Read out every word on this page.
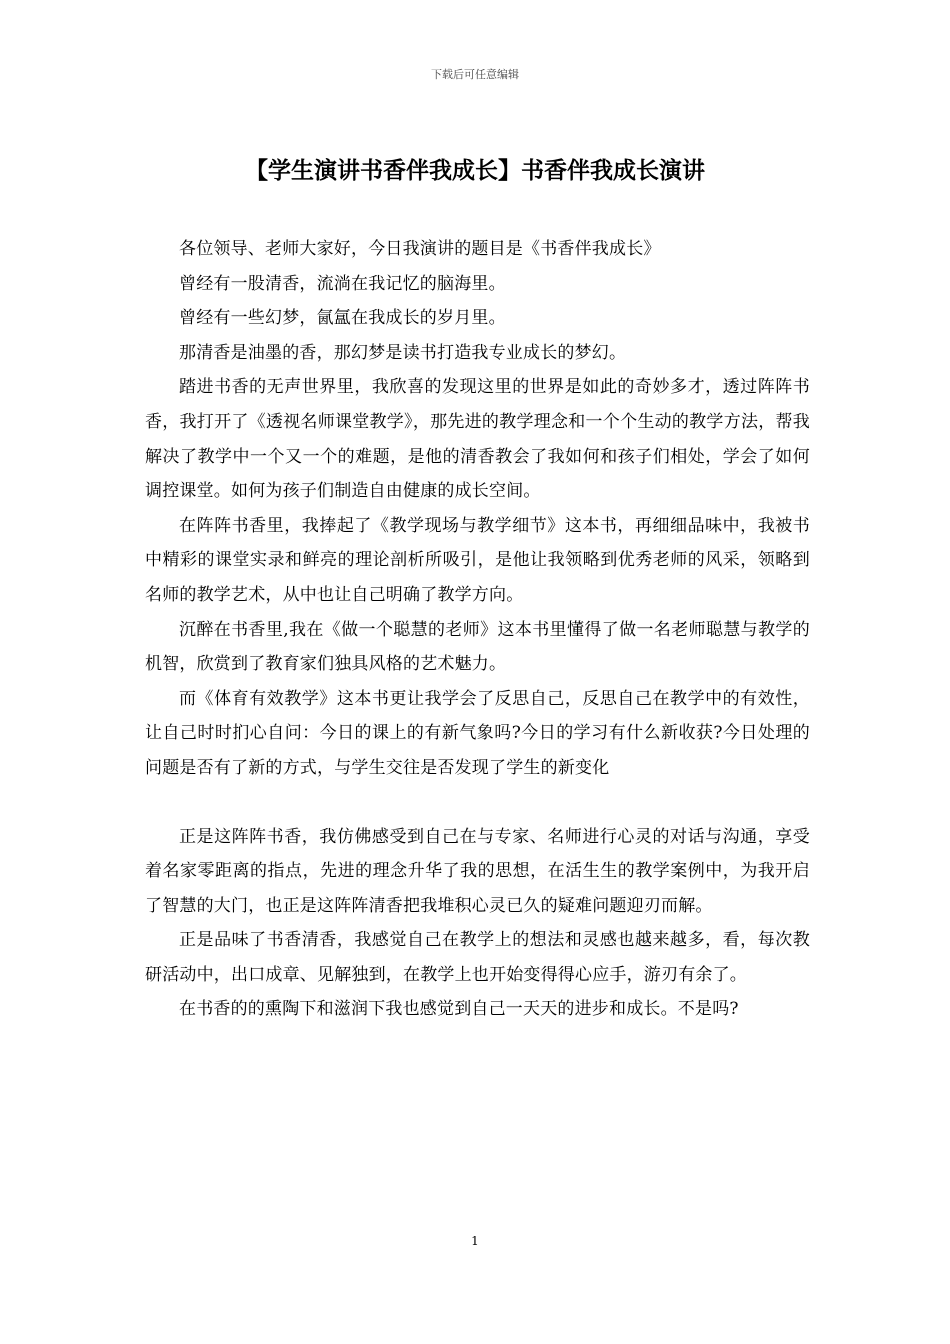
下载后可任意编辑
【学生演讲书香伴我成长】书香伴我成长演讲

各位领导、老师大家好，今日我演讲的题目是《书香伴我成长》

曾经有一股清香，流淌在我记忆的脑海里。

曾经有一些幻梦，氤氲在我成长的岁月里。

那清香是油墨的香，那幻梦是读书打造我专业成长的梦幻。

踏进书香的无声世界里，我欣喜的发现这里的世界是如此的奇妙多才，透过阵阵书香，我打开了《透视名师课堂教学》，那先进的教学理念和一个个生动的教学方法，帮我解决了教学中一个又一个的难题，是他的清香教会了我如何和孩子们相处，学会了如何调控课堂。如何为孩子们制造自由健康的成长空间。

在阵阵书香里，我捧起了《教学现场与教学细节》这本书，再细细品味中，我被书中精彩的课堂实录和鲜亮的理论剖析所吸引，是他让我领略到优秀老师的风采，领略到名师的教学艺术，从中也让自己明确了教学方向。

沉醉在书香里,我在《做一个聪慧的老师》这本书里懂得了做一名老师聪慧与教学的机智，欣赏到了教育家们独具风格的艺术魅力。

而《体育有效教学》这本书更让我学会了反思自己，反思自己在教学中的有效性，让自己时时扪心自问：今日的课上的有新气象吗?今日的学习有什么新收获?今日处理的问题是否有了新的方式，与学生交往是否发现了学生的新变化

正是这阵阵书香，我仿佛感受到自己在与专家、名师进行心灵的对话与沟通，享受着名家零距离的指点，先进的理念升华了我的思想，在活生生的教学案例中，为我开启了智慧的大门，也正是这阵阵清香把我堆积心灵已久的疑难问题迎刃而解。

正是品味了书香清香，我感觉自己在教学上的想法和灵感也越来越多，看，每次教研活动中，出口成章、见解独到，在教学上也开始变得得心应手，游刃有余了。

在书香的的熏陶下和滋润下我也感觉到自己一天天的进步和成长。不是吗?

1
